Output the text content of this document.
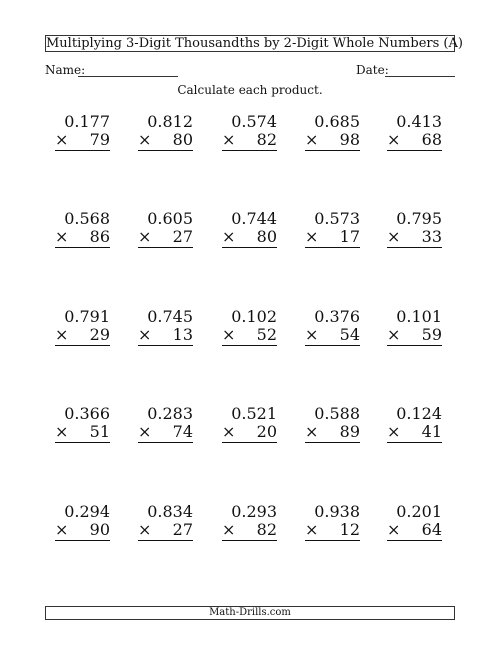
Multiplying 3-Digit Thousandths by 2-Digit Whole Numbers (A)
Name:	Date:
Calculate each product.
0.177
× 79
0.812
× 80
0.574
× 82
0.685
× 98
0.413
× 68
0.568
× 86
0.605
× 27
0.744
× 80
0.573
× 17
0.795
× 33
0.791
× 29
0.745
× 13
0.102
× 52
0.376
× 54
0.101
× 59
0.366
× 51
0.283
× 74
0.521
× 20
0.588
× 89
0.124
× 41
0.294
× 90
0.834
× 27
0.293
× 82
0.938
× 12
0.201
× 64
Math-Drills.com
